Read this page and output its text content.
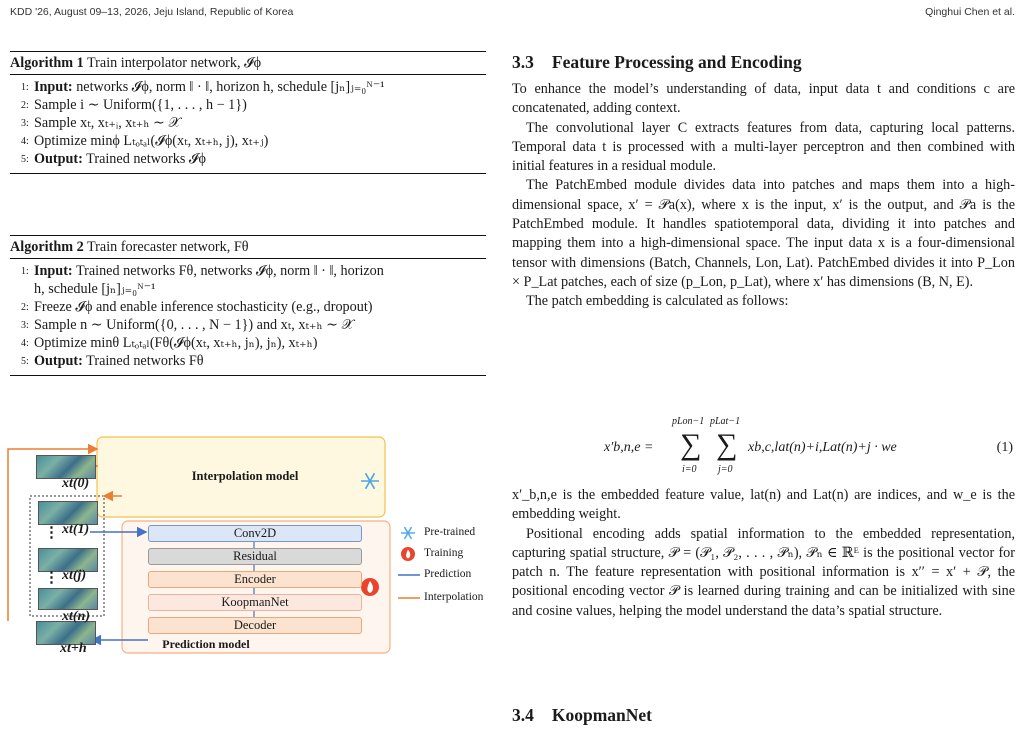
KDD '26, August 09–13, 2026, Jeju Island, Republic of Korea	Qinghui Chen et al.
Algorithm 1 Train interpolator network, 𝓘ϕ
1: Input: networks 𝓘ϕ, norm ‖ · ‖, horizon h, schedule [jₙ]ⱼ₌₀ᴺ⁻¹
2: Sample i ∼ Uniform({1, . . . , h − 1})
3: Sample xₜ, xₜ₊ᵢ, xₜ₊ₕ ∼ 𝒳
4: Optimize minϕ Lₜₒₜₐₗ(𝓘ϕ(xₜ, xₜ₊ₕ, j), xₜ₊ⱼ)
5: Output: Trained networks 𝓘ϕ
Algorithm 2 Train forecaster network, Fθ
1: Input: Trained networks Fθ, networks 𝓘ϕ, norm ‖ · ‖, horizon
h, schedule [jₙ]ⱼ₌₀ᴺ⁻¹
2: Freeze 𝓘ϕ and enable inference stochasticity (e.g., dropout)
3: Sample n ∼ Uniform({0, . . . , N − 1}) and xₜ, xₜ₊ₕ ∼ 𝒳
4: Optimize minθ Lₜₒₜₐₗ(Fθ(𝓘ϕ(xₜ, xₜ₊ₕ, jₙ), jₙ), xₜ₊ₕ)
5: Output: Trained networks Fθ
Interpolation model
Prediction model
Conv2D
Residual
Encoder
KoopmanNet
Decoder
xt(0)
xt(1)
xt(j)
xt(n)
xt+h
⋮
⋮
Pre-trained
Training
Prediction
Interpolation
3.3 Feature Processing and Encoding

To enhance the model’s understanding of data, input data t and conditions c are concatenated, adding context.

The convolutional layer C extracts features from data, capturing local patterns. Temporal data t is processed with a multi-layer perceptron and then combined with initial features in a residual module.

The PatchEmbed module divides data into patches and maps them into a high-dimensional space, x′ = 𝒫a(x), where x is the input, x′ is the output, and 𝒫a is the PatchEmbed module. It handles spatiotemporal data, dividing it into patches and mapping them into a high-dimensional space. The input data x is a four-dimensional tensor with dimensions (Batch, Channels, Lon, Lat). PatchEmbed divides it into P_Lon × P_Lat patches, each of size (p_Lon, p_Lat), where x′ has dimensions (B, N, E).

The patch embedding is calculated as follows:

x′b,n,e = ∑
pLon−1
i=0
∑
pLat−1
j=0
xb,c,lat(n)+i,Lat(n)+j · we	(1)

x′_b,n,e is the embedded feature value, lat(n) and Lat(n) are indices, and w_e is the embedding weight.

Positional encoding adds spatial information to the embedded representation, capturing spatial structure, 𝒫 = (𝒫₁, 𝒫₂, . . . , 𝒫ₙ), 𝒫ₙ ∈ ℝᴱ is the positional vector for patch n. The feature representation with positional information is x′′ = x′ + 𝒫, the positional encoding vector 𝒫 is learned during training and can be initialized with sine and cosine values, helping the model understand the data’s spatial structure.

3.4 KoopmanNet
